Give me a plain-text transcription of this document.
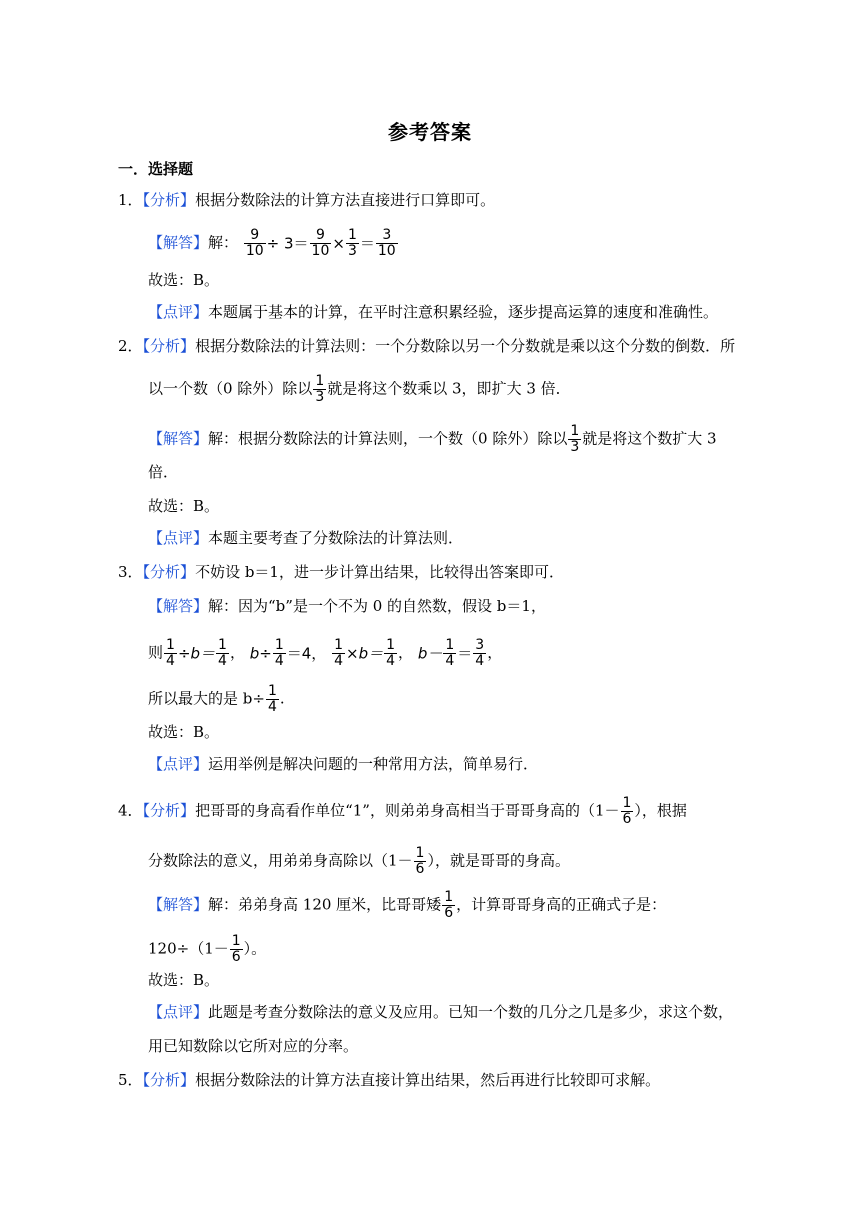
参考答案
一．选择题
1．【分析】根据分数除法的计算方法直接进行口算即可。
【解答】解： $\frac{9}{10} \div 3= \frac{9}{10} \times \frac{1}{3} = \frac{3}{10}$
故选：B。
【点评】本题属于基本的计算，在平时注意积累经验，逐步提高运算的速度和准确性。
2．【分析】根据分数除法的计算法则：一个分数除以另一个分数就是乘以这个分数的倒数．所
以一个数（0 除外）除以 $\frac{1}{3}$ 就是将这个数乘以 3，即扩大 3 倍．
【解答】解：根据分数除法的计算法则，一个数（0 除外）除以 $\frac{1}{3}$ 就是将这个数扩大 3
倍．
故选：B。
【点评】本题主要考查了分数除法的计算法则．
3．【分析】不妨设 b＝1，进一步计算出结果，比较得出答案即可．
【解答】解：因为“b”是一个不为 0 的自然数，假设 b＝1，
则 $\frac{1}{4} \div b= \frac{1}{4}$ ， $b\div \frac{1}{4} =4$， $\frac{1}{4} \times b= \frac{1}{4}$ ， $b- \frac{1}{4} = \frac{3}{4}$ ，
所以最大的是 $b\div \frac{1}{4}$ .
故选：B。
【点评】运用举例是解决问题的一种常用方法，简单易行．
4．【分析】把哥哥的身高看作单位“1”，则弟弟身高相当于哥哥身高的（$1- \frac{1}{6}$ ），根据
分数除法的意义，用弟弟身高除以（$1- \frac{1}{6}$ ），就是哥哥的身高。
【解答】解：弟弟身高 120 厘米，比哥哥矮 $\frac{1}{6}$ ，计算哥哥身高的正确式子是：
$120\div(1- \frac{1}{6}$ ）。
故选：B。
【点评】此题是考查分数除法的意义及应用。已知一个数的几分之几是多少，求这个数，
用已知数除以它所对应的分率。
5．【分析】根据分数除法的计算方法直接计算出结果，然后再进行比较即可求解。
